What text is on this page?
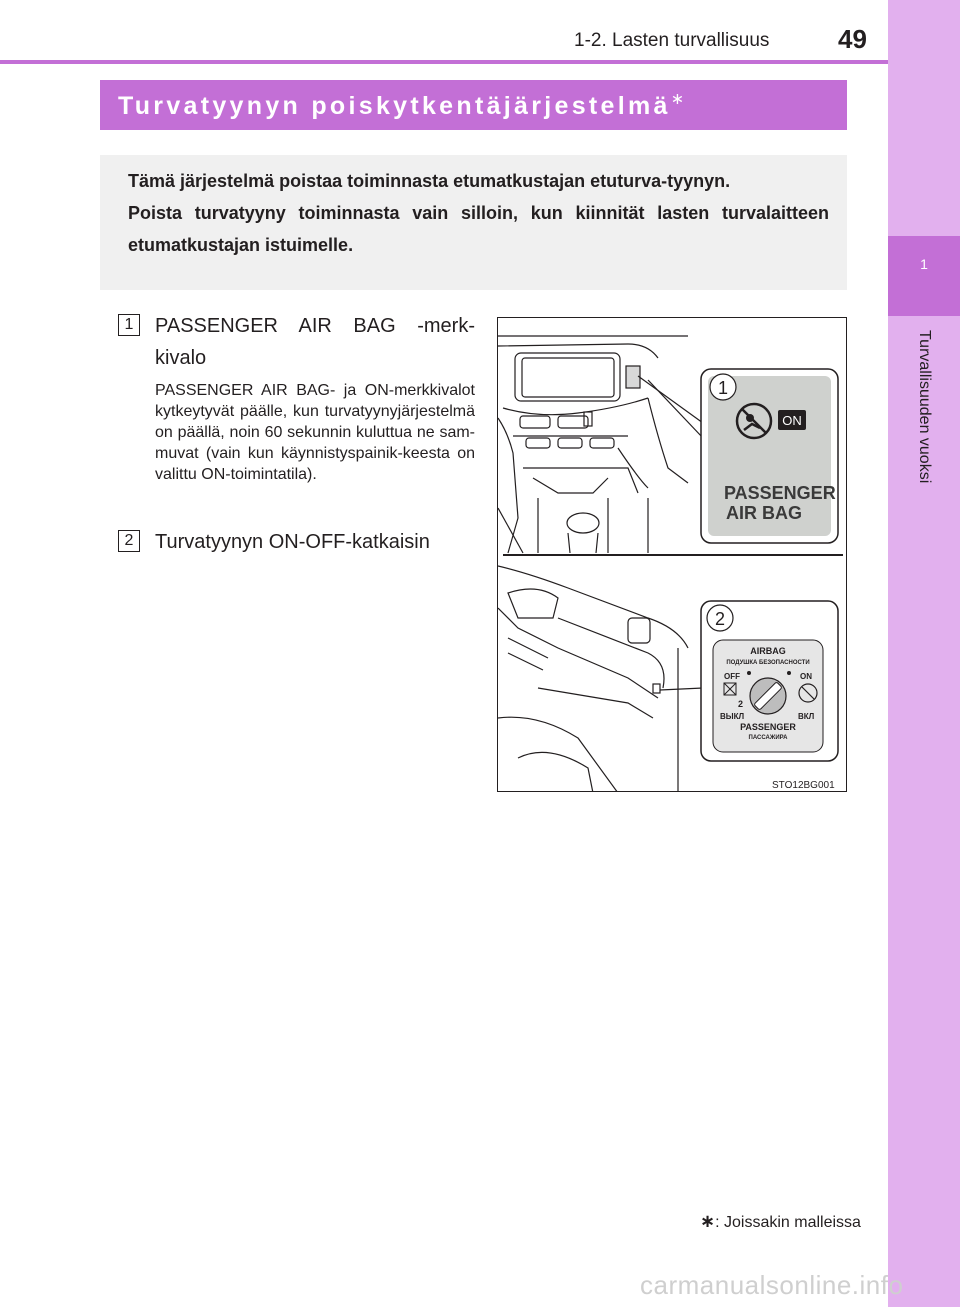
1
Turvallisuuden vuoksi
1-2. Lasten turvallisuus	49
Turvatyynyn poiskytkentäjärjestelmä∗

Tämä järjestelmä poistaa toiminnasta etumatkustajan etuturva-tyynyn.

Poista turvatyyny toiminnasta vain silloin, kun kiinnität lasten turvalaitteen etumatkustajan istuimelle.

1	PASSENGER AIR BAG -merk-kivalo
PASSENGER AIR BAG- ja ON-merkkivalot kytkeytyvät päälle, kun turvatyynyjärjestelmä on päällä, noin 60 sekunnin kuluttua ne sam-muvat (vain kun käynnistyspainik-keesta on valittu ON-toimintatila).
2	Turvatyynyn ON-OFF-katkaisin
1
ON
PASSENGER
AIR BAG
2
AIRBAG
ПОДУШКА БЕЗОПАСНОСТИ
OFF	ON
2
ВЫКЛ	ВКЛ
PASSENGER
ПАССАЖИРА
STO12BG001
∗: Joissakin malleissa
carmanualsonline.info
